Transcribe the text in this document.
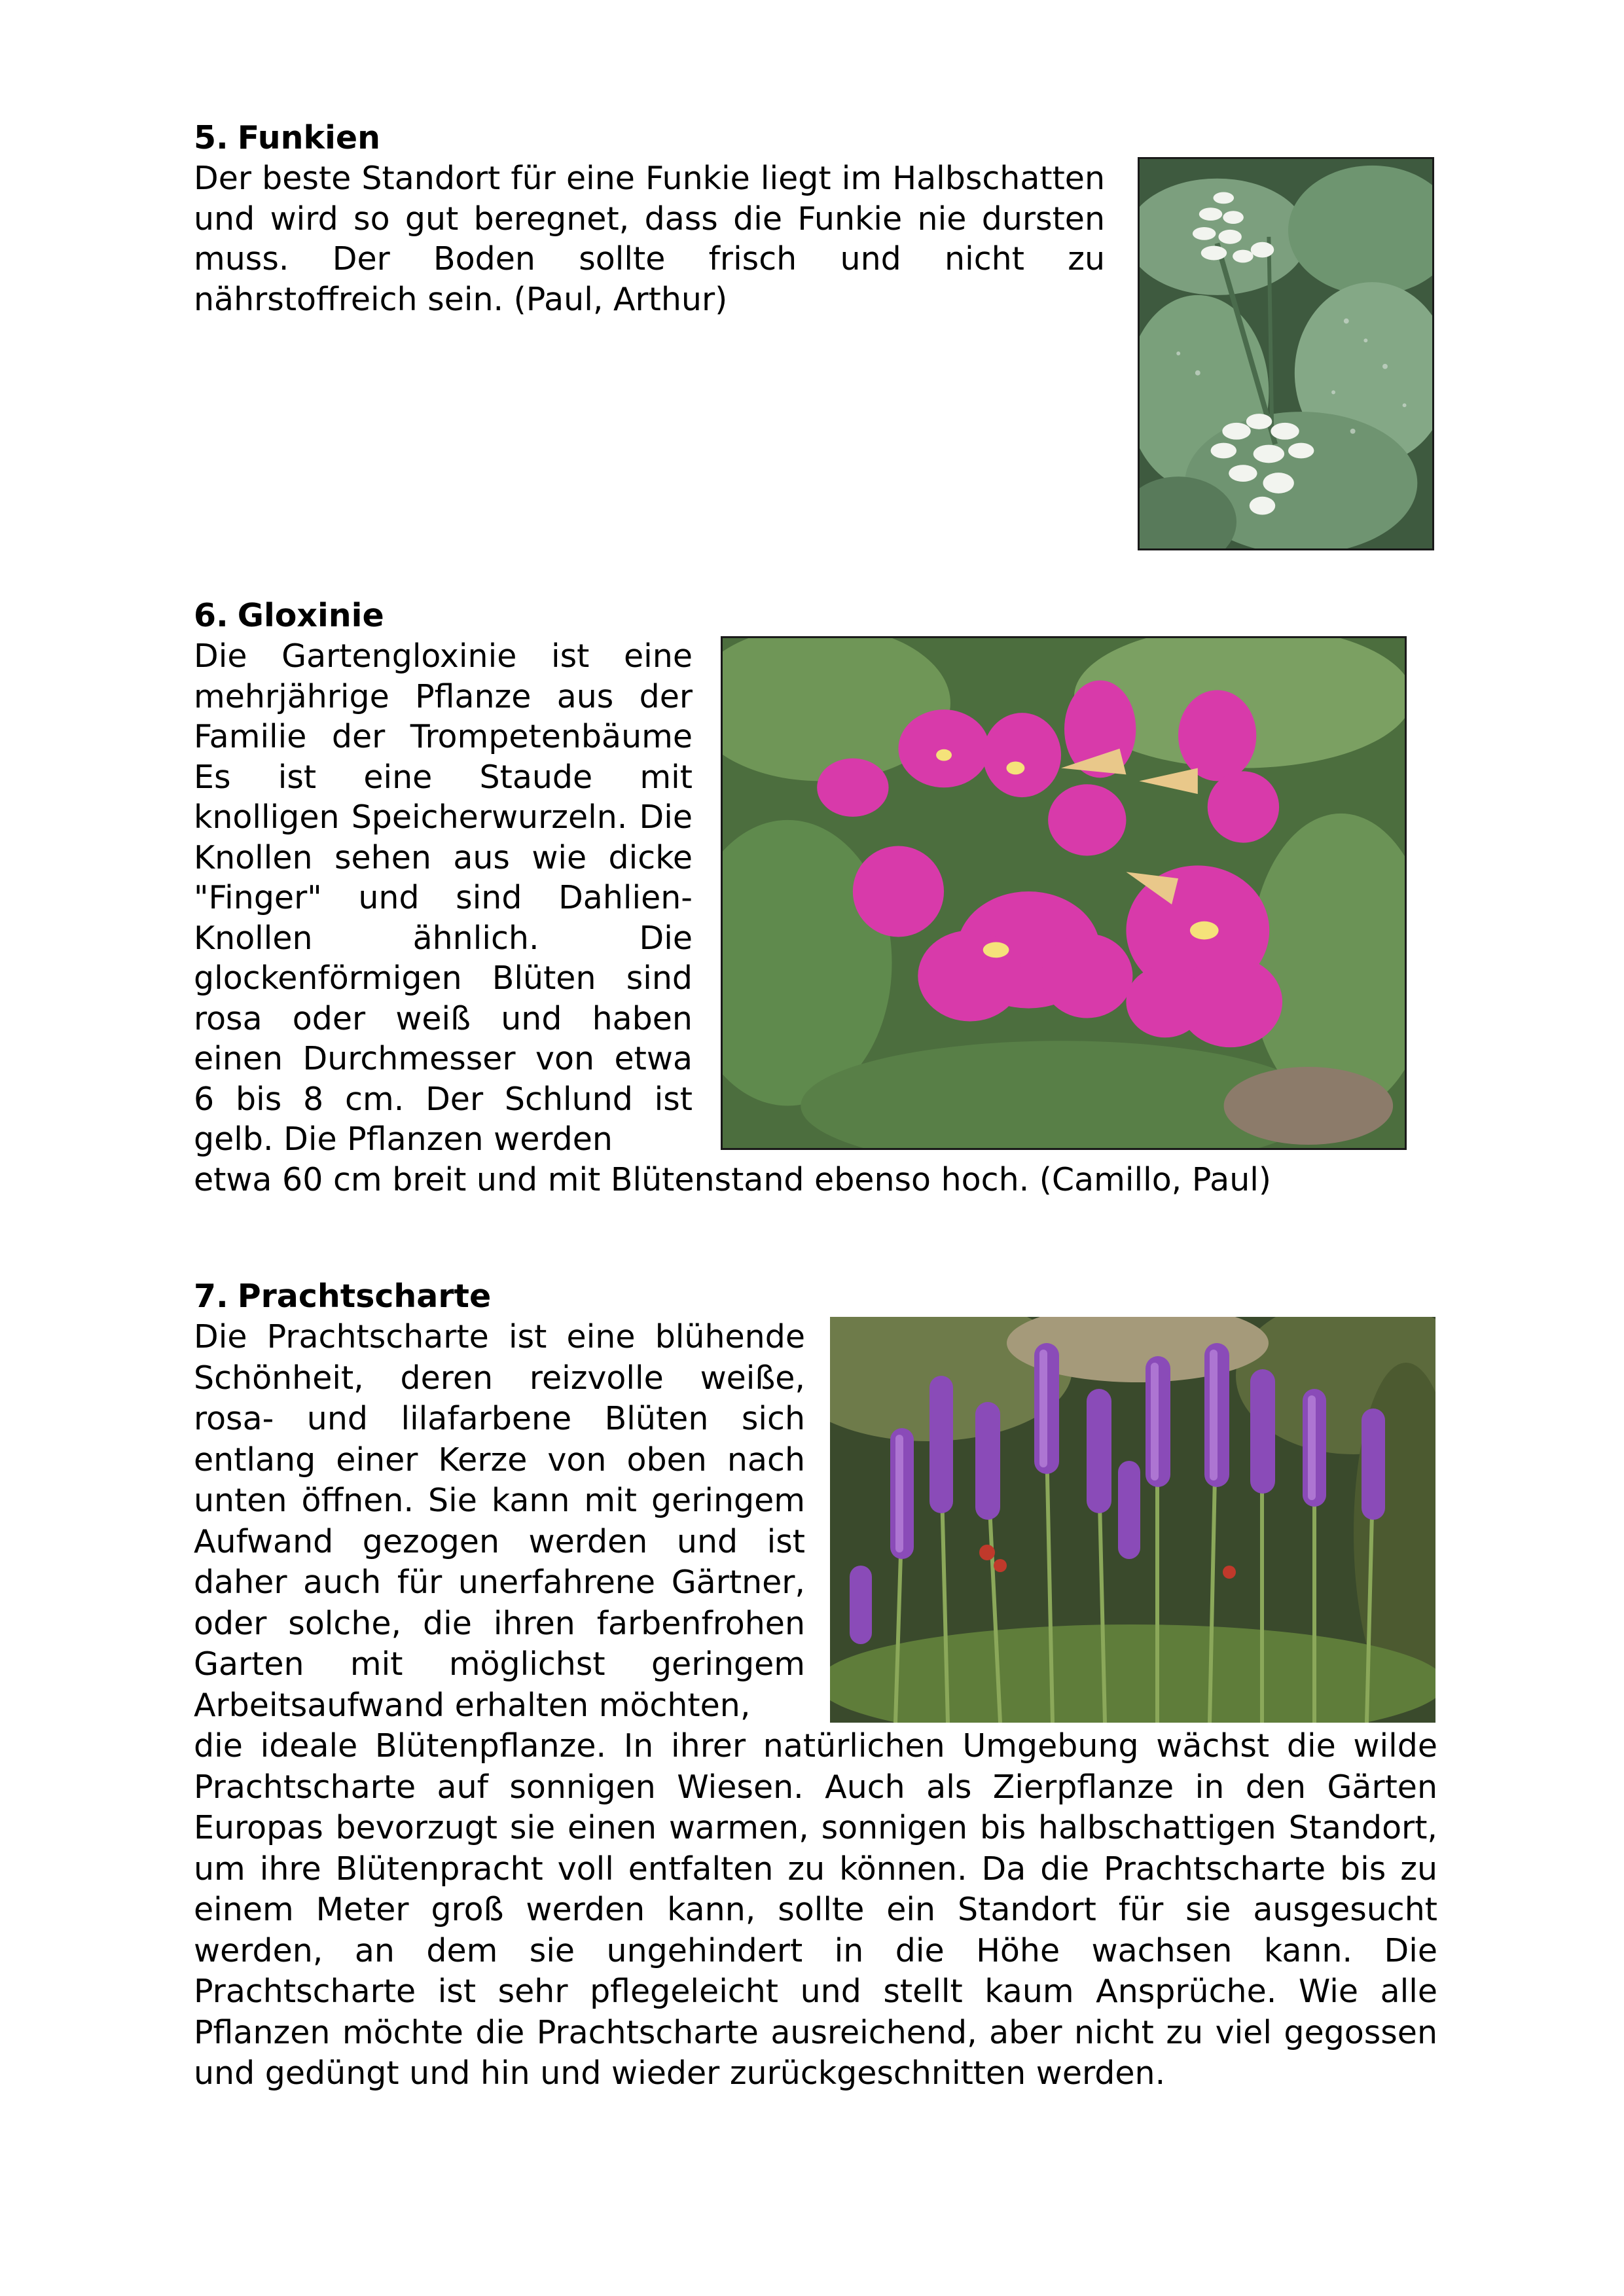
5. Funkien

Der beste Standort für eine Funkie liegt im Halbschatten und wird so gut beregnet, dass die Funkie nie dursten muss. Der Boden sollte frisch und nicht zu nährstoffreich sein. (Paul, Arthur)

6. Gloxinie

Die Gartengloxinie ist eine mehrjährige Pflanze aus der Familie der Trompetenbäume Es ist eine Staude mit knolligen Speicherwurzeln. Die Knollen sehen aus wie dicke "Finger" und sind Dahlien-Knollen ähnlich. Die glockenförmigen Blüten sind rosa oder weiß und haben einen Durchmesser von etwa 6 bis 8 cm. Der Schlund ist gelb. Die Pflanzen werden

etwa 60 cm breit und mit Blütenstand ebenso hoch. (Camillo, Paul)

7. Prachtscharte

Die Prachtscharte ist eine blühende Schönheit, deren reizvolle weiße, rosa- und lilafarbene Blüten sich entlang einer Kerze von oben nach unten öffnen. Sie kann mit geringem Aufwand gezogen werden und ist daher auch für unerfahrene Gärtner, oder solche, die ihren farbenfrohen Garten mit möglichst geringem Arbeitsaufwand erhalten möchten,

die ideale Blütenpflanze. In ihrer natürlichen Umgebung wächst die wilde Prachtscharte auf sonnigen Wiesen. Auch als Zierpflanze in den Gärten Europas bevorzugt sie einen warmen, sonnigen bis halbschattigen Standort, um ihre Blütenpracht voll entfalten zu können. Da die Prachtscharte bis zu einem Meter groß werden kann, sollte ein Standort für sie ausgesucht werden, an dem sie ungehindert in die Höhe wachsen kann. Die Prachtscharte ist sehr pflegeleicht und stellt kaum Ansprüche. Wie alle Pflanzen möchte die Prachtscharte ausreichend, aber nicht zu viel gegossen und gedüngt und hin und wieder zurückgeschnitten werden.
